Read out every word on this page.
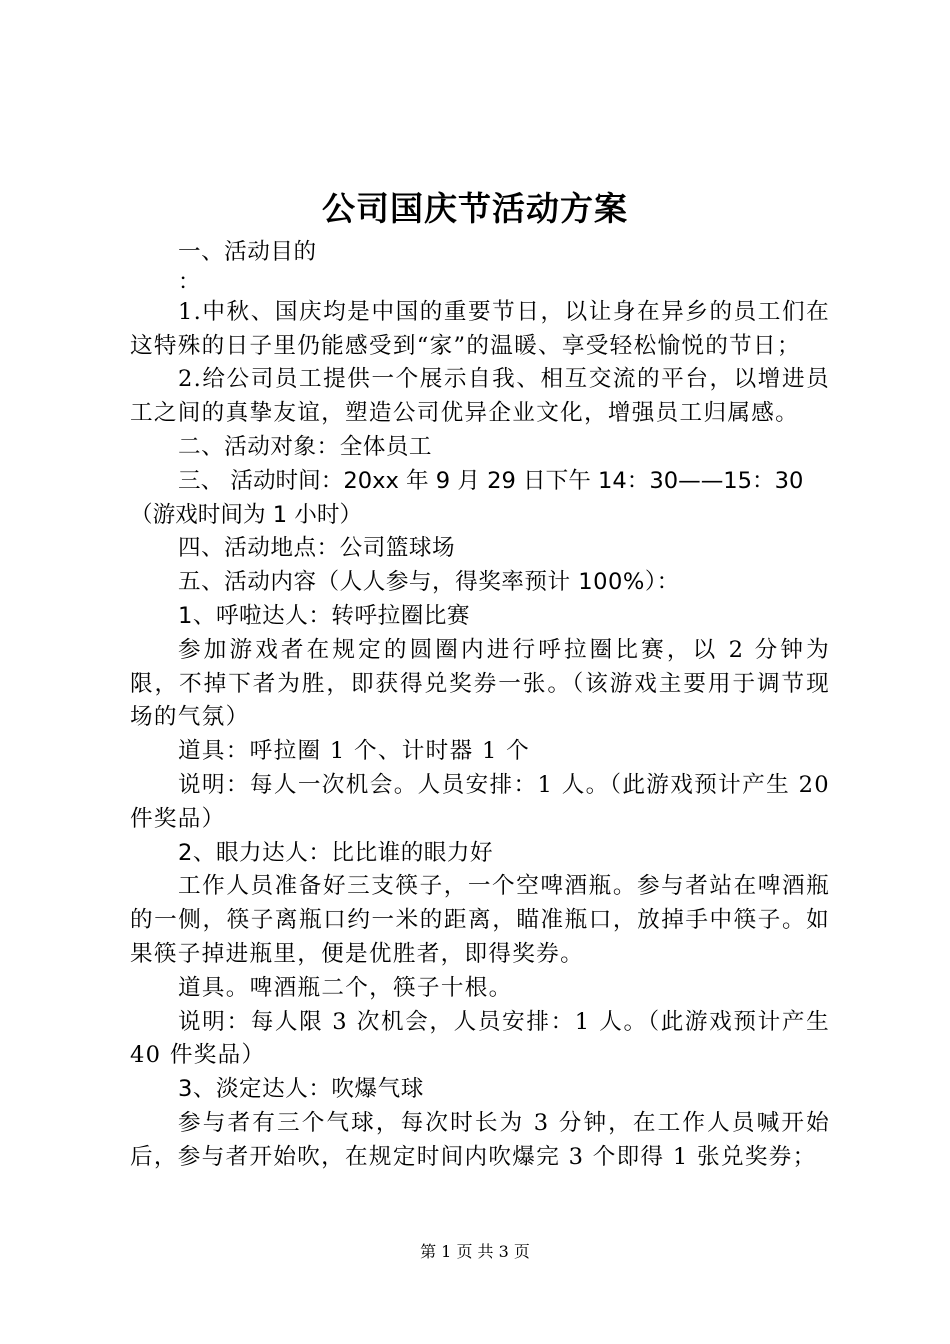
公司国庆节活动方案

一、活动目的

：

1.中秋、国庆均是中国的重要节日，以让身在异乡的员工们在这特殊的日子里仍能感受到“家”的温暖、享受轻松愉悦的节日；

2.给公司员工提供一个展示自我、相互交流的平台，以增进员工之间的真挚友谊，塑造公司优异企业文化，增强员工归属感。

二、活动对象：全体员工

三、 活动时间：20xx 年 9 月 29 日下午 14：30——15：30（游戏时间为 1 小时）

四、活动地点：公司篮球场

五、活动内容（人人参与，得奖率预计 100%）：

1、呼啦达人：转呼拉圈比赛

参加游戏者在规定的圆圈内进行呼拉圈比赛，以 2 分钟为限，不掉下者为胜，即获得兑奖券一张。（该游戏主要用于调节现场的气氛）

道具：呼拉圈 1 个、计时器 1 个

说明：每人一次机会。人员安排：1 人。（此游戏预计产生 20 件奖品）

2、眼力达人：比比谁的眼力好

工作人员准备好三支筷子，一个空啤酒瓶。参与者站在啤酒瓶的一侧，筷子离瓶口约一米的距离，瞄准瓶口，放掉手中筷子。如果筷子掉进瓶里，便是优胜者，即得奖券。

道具。啤酒瓶二个，筷子十根。

说明：每人限 3 次机会，人员安排：1 人。（此游戏预计产生 40 件奖品）

3、淡定达人：吹爆气球

参与者有三个气球，每次时长为 3 分钟，在工作人员喊开始后，参与者开始吹，在规定时间内吹爆完 3 个即得 1 张兑奖券；

第 1 页 共 3 页
